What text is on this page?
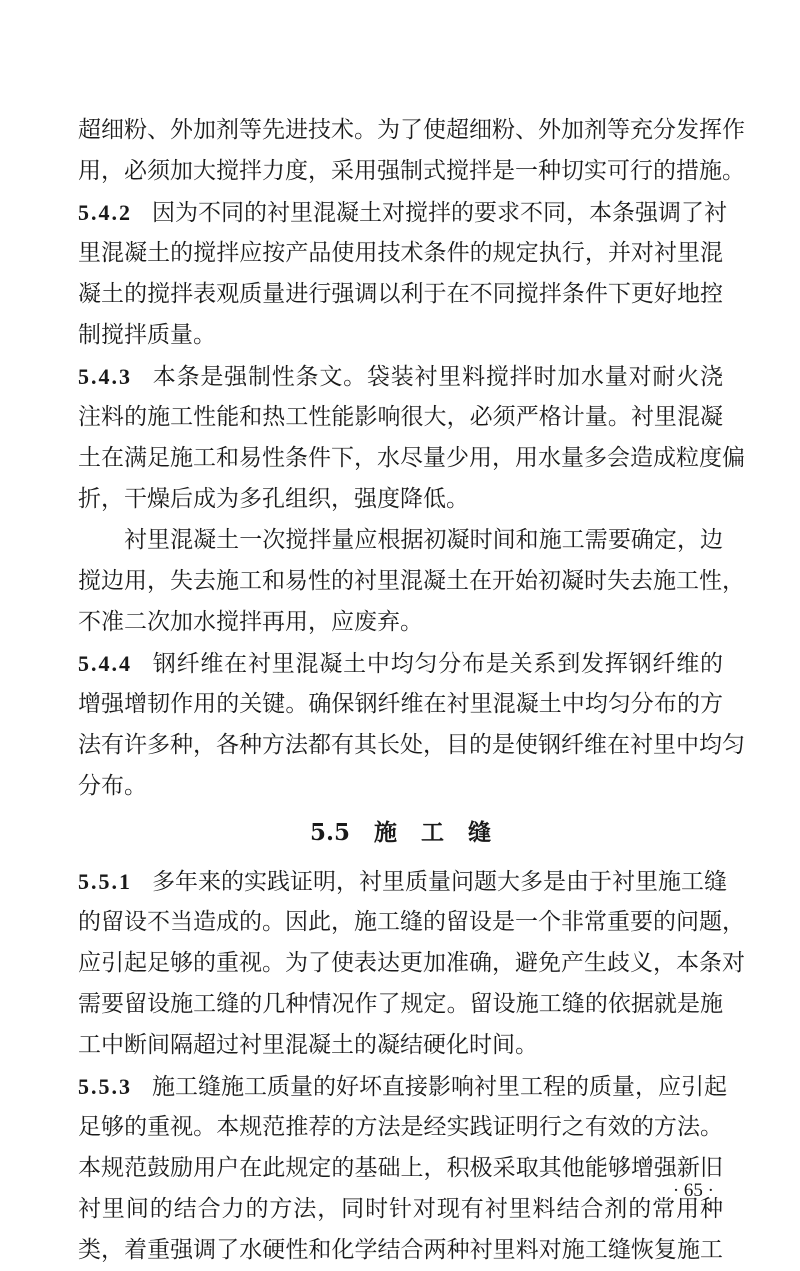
超细粉、外加剂等先进技术。为了使超细粉、外加剂等充分发挥作
用，必须加大搅拌力度，采用强制式搅拌是一种切实可行的措施。
5.4.2 因为不同的衬里混凝土对搅拌的要求不同，本条强调了衬
里混凝土的搅拌应按产品使用技术条件的规定执行，并对衬里混
凝土的搅拌表观质量进行强调以利于在不同搅拌条件下更好地控
制搅拌质量。
5.4.3 本条是强制性条文。袋装衬里料搅拌时加水量对耐火浇
注料的施工性能和热工性能影响很大，必须严格计量。衬里混凝
土在满足施工和易性条件下，水尽量少用，用水量多会造成粒度偏
折，干燥后成为多孔组织，强度降低。
衬里混凝土一次搅拌量应根据初凝时间和施工需要确定，边
搅边用，失去施工和易性的衬里混凝土在开始初凝时失去施工性，
不准二次加水搅拌再用，应废弃。
5.4.4 钢纤维在衬里混凝土中均匀分布是关系到发挥钢纤维的
增强增韧作用的关键。确保钢纤维在衬里混凝土中均匀分布的方
法有许多种，各种方法都有其长处，目的是使钢纤维在衬里中均匀
分布。
5.5 施 工 缝
5.5.1 多年来的实践证明，衬里质量问题大多是由于衬里施工缝
的留设不当造成的。因此，施工缝的留设是一个非常重要的问题，
应引起足够的重视。为了使表达更加准确，避免产生歧义，本条对
需要留设施工缝的几种情况作了规定。留设施工缝的依据就是施
工中断间隔超过衬里混凝土的凝结硬化时间。
5.5.3 施工缝施工质量的好坏直接影响衬里工程的质量，应引起
足够的重视。本规范推荐的方法是经实践证明行之有效的方法。
本规范鼓励用户在此规定的基础上，积极采取其他能够增强新旧
衬里间的结合力的方法，同时针对现有衬里料结合剂的常用种
类，着重强调了水硬性和化学结合两种衬里料对施工缝恢复施工
· 65 ·
